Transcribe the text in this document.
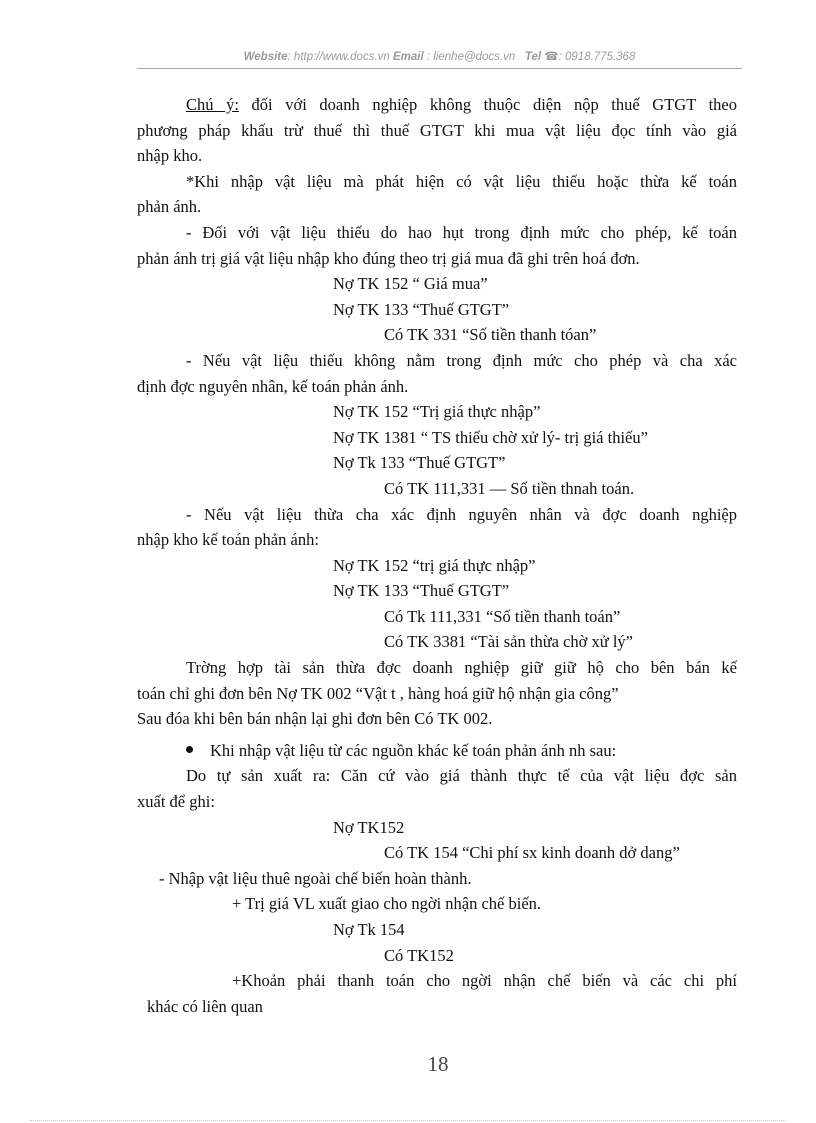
Website: http://www.docs.vn Email : lienhe@docs.vn Tel ☎: 0918.775.368
Chú ý: đối với doanh nghiệp không thuộc diện nộp thuế GTGT theo
phương pháp khấu trừ thuế thì thuế GTGT khi mua vật liệu đọc tính vào giá
nhập kho.
*Khi nhập vật liệu mà phát hiện có vật liệu thiếu hoặc thừa kế toán
phản ánh.
- Đối với vật liệu thiếu do hao hụt trong định mức cho phép, kế toán
phản ánh trị giá vật liệu nhập kho đúng theo trị giá mua đã ghi trên hoá đơn.
Nợ TK 152 “ Giá mua”
Nợ TK 133 “Thuế GTGT”
Có TK 331 “Số tiền thanh tóan”
- Nếu vật liệu thiếu không nằm trong định mức cho phép và cha xác
định đợc nguyên nhân, kế toán phản ánh.
Nợ TK 152 “Trị giá thực nhập”
Nợ TK 1381 “ TS thiếu chờ xử lý- trị giá thiếu”
Nợ Tk 133 “Thuế GTGT”
Có TK 111,331 — Số tiền thnah toán.
- Nếu vật liệu thừa cha xác định nguyên nhân và đợc doanh nghiệp
nhập kho kế toán phản ánh:
Nợ TK 152 “trị giá thực nhập”
Nợ TK 133 “Thuế GTGT”
Có Tk 111,331 “Số tiền thanh toán”
Có TK 3381 “Tài sản thừa chờ xử lý”
Trờng hợp tài sản thừa đợc doanh nghiệp giữ giữ hộ cho bên bán kế
toán chỉ ghi đơn bên Nợ TK 002 “Vật t , hàng hoá giữ hộ nhận gia công”
Sau đóa khi bên bán nhận lại ghi đơn bên Có TK 002.
Khi nhập vật liệu từ các nguồn khác kế toán phản ánh nh sau:
Do tự sản xuất ra: Căn cứ vào giá thành thực tế của vật liệu đợc sản
xuất để ghi:
Nợ TK152
Có TK 154 “Chi phí sx kinh doanh dở dang”
- Nhập vật liệu thuê ngoài chế biến hoàn thành.
+ Trị giá VL xuất giao cho ngời nhận chế biến.
Nợ Tk 154
Có TK152
+Khoản phải thanh toán cho ngời nhận chế biến và các chi phí
khác có liên quan
18
